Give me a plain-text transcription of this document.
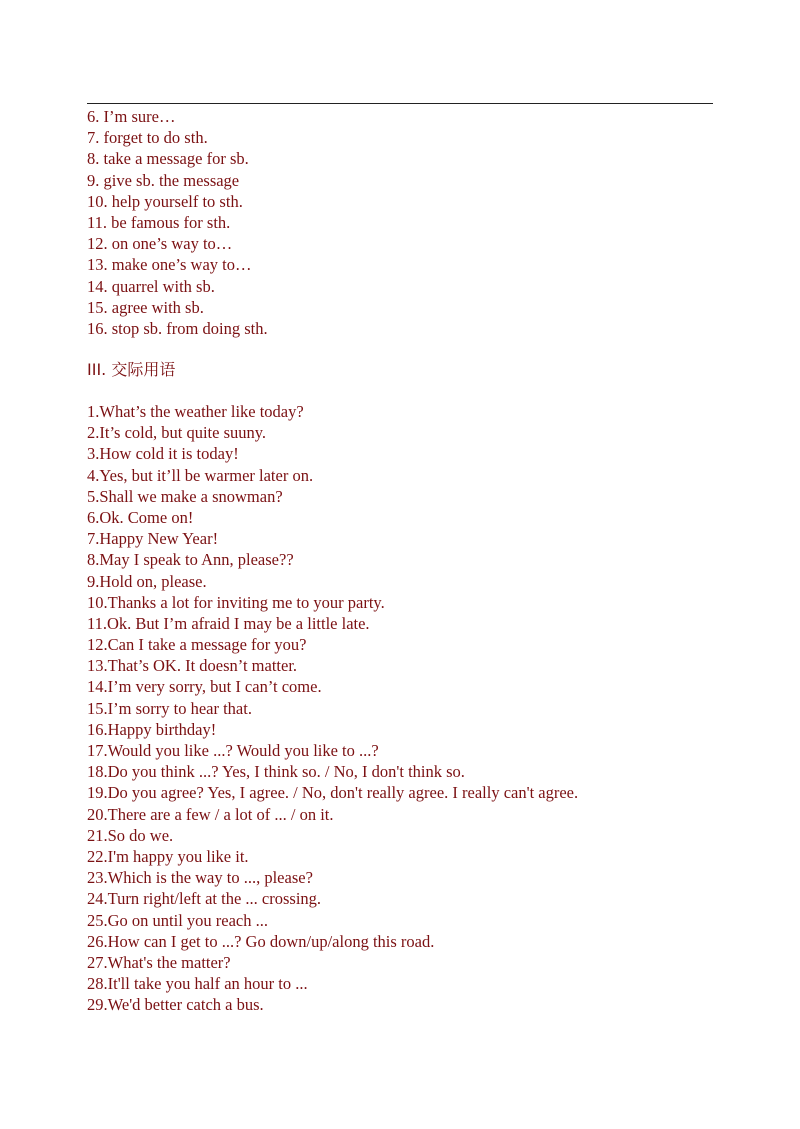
6. I’m sure…
7. forget to do sth.
8. take a message for sb.
9. give sb. the message
10. help yourself to sth.
11. be famous for sth.
12. on one’s way to…
13. make one’s way to…
14. quarrel with sb.
15. agree with sb.
16. stop sb. from doing sth.
III. 交际用语
1.What’s the weather like today?
2.It’s cold, but quite suuny.
3.How cold it is today!
4.Yes, but it’ll be warmer later on.
5.Shall we make a snowman?
6.Ok. Come on!
7.Happy New Year!
8.May I speak to Ann, please??
9.Hold on, please.
10.Thanks a lot for inviting me to your party.
11.Ok. But I’m afraid I may be a little late.
12.Can I take a message for you?
13.That’s OK. It doesn’t matter.
14.I’m very sorry, but I can’t come.
15.I’m sorry to hear that.
16.Happy birthday!
17.Would you like ...? Would you like to ...?
18.Do you think ...? Yes, I think so. / No, I don't think so.
19.Do you agree? Yes, I agree. / No, don't really agree. I really can't agree.
20.There are a few / a lot of ... / on it.
21.So do we.
22.I'm happy you like it.
23.Which is the way to ..., please?
24.Turn right/left at the ... crossing.
25.Go on until you reach ...
26.How can I get to ...? Go down/up/along this road.
27.What's the matter?
28.It'll take you half an hour to ...
29.We'd better catch a bus.
